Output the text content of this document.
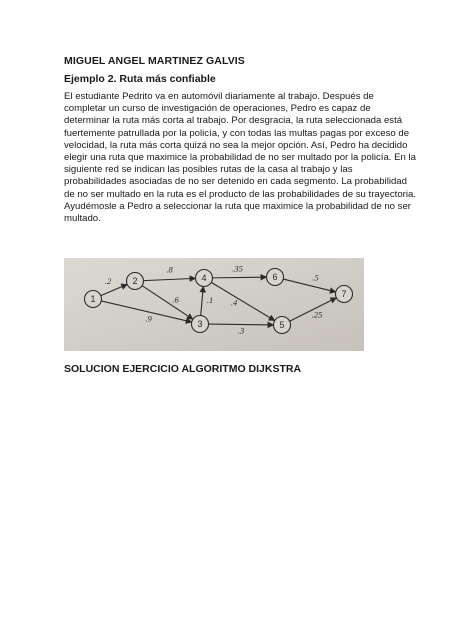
MIGUEL ANGEL MARTINEZ GALVIS
Ejemplo 2. Ruta más confiable

El estudiante Pedrito va en automóvil diariamente al trabajo. Después de completar un curso de investigación de operaciones, Pedro es capaz de determinar la ruta más corta al trabajo. Por desgracia, la ruta seleccionada está fuertemente patrullada por la policía, y con todas las multas pagas por exceso de velocidad, la ruta más corta quizá no sea la mejor opción. Así, Pedro ha decidido elegir una ruta que maximice la probabilidad de no ser multado por la policía. En la siguiente red se indican las posibles rutas de la casa al trabajo y las probabilidades asociadas de no ser detenido en cada segmento. La probabilidad de no ser multado en la ruta es el producto de las probabilidades de su trayectoria. Ayudémosle a Pedro a seleccionar la ruta que maximice la probabilidad de no ser multado.

.2
.9
.8
.6	.1
.3
.35
.4
.25
.5
1
2
3
4
5
6
7
SOLUCION EJERCICIO ALGORITMO DIJKSTRA
